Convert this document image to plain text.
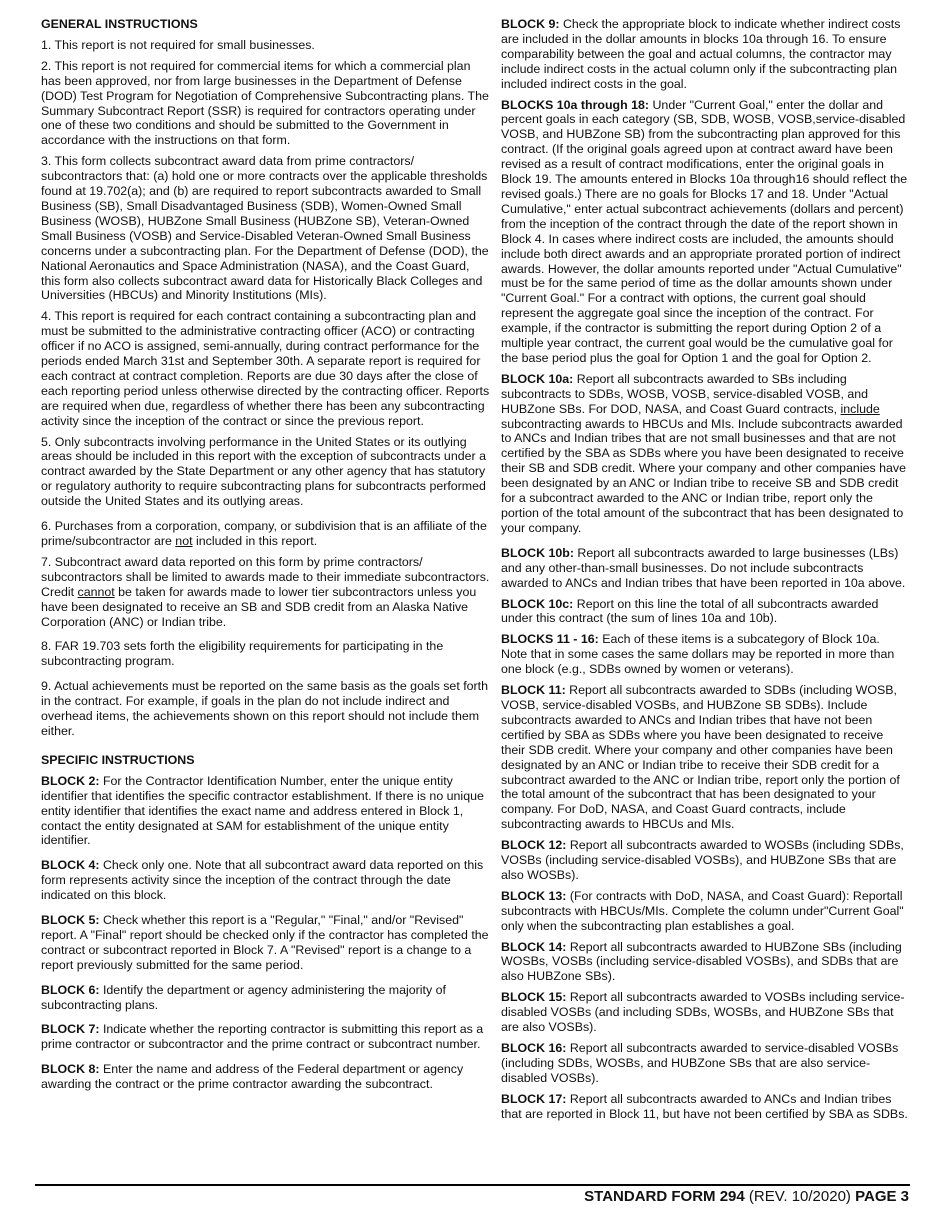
GENERAL INSTRUCTIONS

1. This report is not required for small businesses.

2. This report is not required for commercial items for which a commercial plan has been approved, nor from large businesses in the Department of Defense (DOD) Test Program for Negotiation of Comprehensive Subcontracting plans. The Summary Subcontract Report (SSR) is required for contractors operating under one of these two conditions and should be submitted to the Government in accordance with the instructions on that form.

3. This form collects subcontract award data from prime contractors/ subcontractors that: (a) hold one or more contracts over the applicable thresholds found at 19.702(a); and (b) are required to report subcontracts awarded to Small Business (SB), Small Disadvantaged Business (SDB), Women-Owned Small Business (WOSB), HUBZone Small Business (HUBZone SB), Veteran-Owned Small Business (VOSB) and Service-Disabled Veteran-Owned Small Business concerns under a subcontracting plan. For the Department of Defense (DOD), the National Aeronautics and Space Administration (NASA), and the Coast Guard, this form also collects subcontract award data for Historically Black Colleges and Universities (HBCUs) and Minority Institutions (MIs).

4. This report is required for each contract containing a subcontracting plan and must be submitted to the administrative contracting officer (ACO) or contracting officer if no ACO is assigned, semi-annually, during contract performance for the periods ended March 31st and September 30th. A separate report is required for each contract at contract completion. Reports are due 30 days after the close of each reporting period unless otherwise directed by the contracting officer. Reports are required when due, regardless of whether there has been any subcontracting activity since the inception of the contract or since the previous report.

5. Only subcontracts involving performance in the United States or its outlying areas should be included in this report with the exception of subcontracts under a contract awarded by the State Department or any other agency that has statutory or regulatory authority to require subcontracting plans for subcontracts performed outside the United States and its outlying areas.

6. Purchases from a corporation, company, or subdivision that is an affiliate of the prime/subcontractor are not included in this report.

7. Subcontract award data reported on this form by prime contractors/ subcontractors shall be limited to awards made to their immediate subcontractors. Credit cannot be taken for awards made to lower tier subcontractors unless you have been designated to receive an SB and SDB credit from an Alaska Native Corporation (ANC) or Indian tribe.

8. FAR 19.703 sets forth the eligibility requirements for participating in the subcontracting program.

9. Actual achievements must be reported on the same basis as the goals set forth in the contract. For example, if goals in the plan do not include indirect and overhead items, the achievements shown on this report should not include them either.

SPECIFIC INSTRUCTIONS

BLOCK 2: For the Contractor Identification Number, enter the unique entity identifier that identifies the specific contractor establishment. If there is no unique entity identifier that identifies the exact name and address entered in Block 1, contact the entity designated at SAM for establishment of the unique entity identifier.

BLOCK 4: Check only one. Note that all subcontract award data reported on this form represents activity since the inception of the contract through the date indicated on this block.

BLOCK 5: Check whether this report is a "Regular," "Final," and/or "Revised" report. A "Final" report should be checked only if the contractor has completed the contract or subcontract reported in Block 7. A "Revised" report is a change to a report previously submitted for the same period.

BLOCK 6: Identify the department or agency administering the majority of subcontracting plans.

BLOCK 7: Indicate whether the reporting contractor is submitting this report as a prime contractor or subcontractor and the prime contract or subcontract number.

BLOCK 8: Enter the name and address of the Federal department or agency awarding the contract or the prime contractor awarding the subcontract.

BLOCK 9: Check the appropriate block to indicate whether indirect costs are included in the dollar amounts in blocks 10a through 16. To ensure comparability between the goal and actual columns, the contractor may include indirect costs in the actual column only if the subcontracting plan included indirect costs in the goal.

BLOCKS 10a through 18: Under "Current Goal," enter the dollar and percent goals in each category (SB, SDB, WOSB, VOSB,service-disabled VOSB, and HUBZone SB) from the subcontracting plan approved for this contract. (If the original goals agreed upon at contract award have been revised as a result of contract modifications, enter the original goals in Block 19. The amounts entered in Blocks 10a through16 should reflect the revised goals.) There are no goals for Blocks 17 and 18. Under "Actual Cumulative," enter actual subcontract achievements (dollars and percent) from the inception of the contract through the date of the report shown in Block 4. In cases where indirect costs are included, the amounts should include both direct awards and an appropriate prorated portion of indirect awards. However, the dollar amounts reported under "Actual Cumulative" must be for the same period of time as the dollar amounts shown under "Current Goal." For a contract with options, the current goal should represent the aggregate goal since the inception of the contract. For example, if the contractor is submitting the report during Option 2 of a multiple year contract, the current goal would be the cumulative goal for the base period plus the goal for Option 1 and the goal for Option 2.

BLOCK 10a: Report all subcontracts awarded to SBs including subcontracts to SDBs, WOSB, VOSB, service-disabled VOSB, and HUBZone SBs. For DOD, NASA, and Coast Guard contracts, include subcontracting awards to HBCUs and MIs. Include subcontracts awarded to ANCs and Indian tribes that are not small businesses and that are not certified by the SBA as SDBs where you have been designated to receive their SB and SDB credit. Where your company and other companies have been designated by an ANC or Indian tribe to receive SB and SDB credit for a subcontract awarded to the ANC or Indian tribe, report only the portion of the total amount of the subcontract that has been designated to your company.

BLOCK 10b: Report all subcontracts awarded to large businesses (LBs) and any other-than-small businesses. Do not include subcontracts awarded to ANCs and Indian tribes that have been reported in 10a above.

BLOCK 10c: Report on this line the total of all subcontracts awarded under this contract (the sum of lines 10a and 10b).

BLOCKS 11 - 16: Each of these items is a subcategory of Block 10a. Note that in some cases the same dollars may be reported in more than one block (e.g., SDBs owned by women or veterans).

BLOCK 11: Report all subcontracts awarded to SDBs (including WOSB, VOSB, service-disabled VOSBs, and HUBZone SB SDBs). Include subcontracts awarded to ANCs and Indian tribes that have not been certified by SBA as SDBs where you have been designated to receive their SDB credit. Where your company and other companies have been designated by an ANC or Indian tribe to receive their SDB credit for a subcontract awarded to the ANC or Indian tribe, report only the portion of the total amount of the subcontract that has been designated to your company. For DoD, NASA, and Coast Guard contracts, include subcontracting awards to HBCUs and MIs.

BLOCK 12: Report all subcontracts awarded to WOSBs (including SDBs, VOSBs (including service-disabled VOSBs), and HUBZone SBs that are also WOSBs).

BLOCK 13: (For contracts with DoD, NASA, and Coast Guard): Reportall subcontracts with HBCUs/MIs. Complete the column under"Current Goal" only when the subcontracting plan establishes a goal.

BLOCK 14: Report all subcontracts awarded to HUBZone SBs (including WOSBs, VOSBs (including service-disabled VOSBs), and SDBs that are also HUBZone SBs).

BLOCK 15: Report all subcontracts awarded to VOSBs including service-disabled VOSBs (and including SDBs, WOSBs, and HUBZone SBs that are also VOSBs).

BLOCK 16: Report all subcontracts awarded to service-disabled VOSBs (including SDBs, WOSBs, and HUBZone SBs that are also service-disabled VOSBs).

BLOCK 17: Report all subcontracts awarded to ANCs and Indian tribes that are reported in Block 11, but have not been certified by SBA as SDBs.

STANDARD FORM 294 (REV. 10/2020) PAGE 3
